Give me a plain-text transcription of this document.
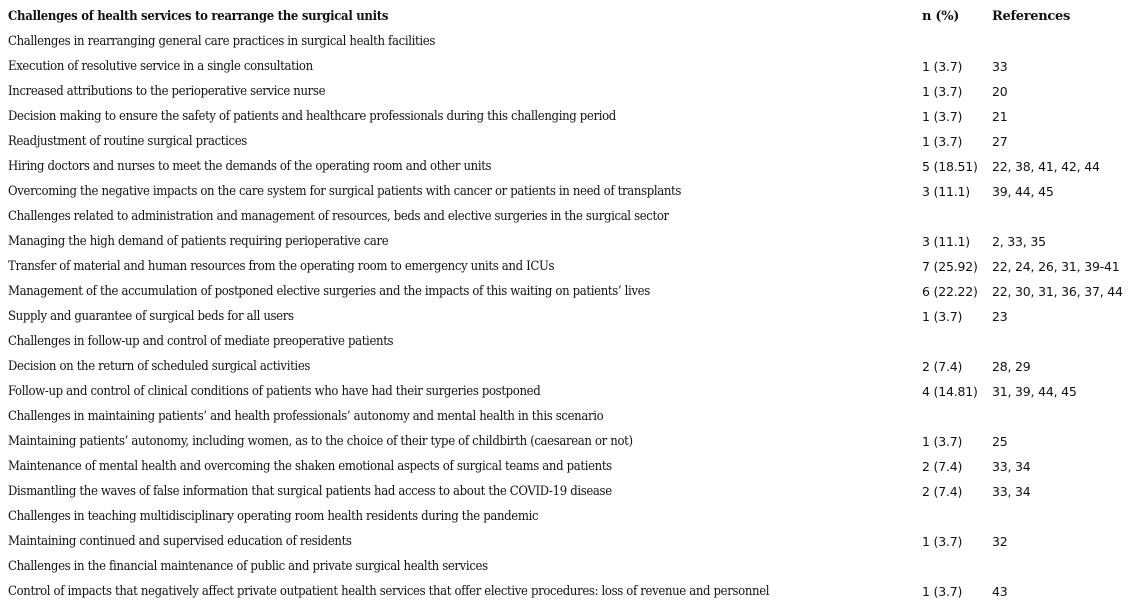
Challenges of health services to rearrange the surgical units	n (%)	References
Challenges in rearranging general care practices in surgical health facilities		
Execution of resolutive service in a single consultation	1 (3.7)	33
Increased attributions to the perioperative service nurse	1 (3.7)	20
Decision making to ensure the safety of patients and healthcare professionals during this challenging period	1 (3.7)	21
Readjustment of routine surgical practices	1 (3.7)	27
Hiring doctors and nurses to meet the demands of the operating room and other units	5 (18.51)	22, 38, 41, 42, 44
Overcoming the negative impacts on the care system for surgical patients with cancer or patients in need of transplants	3 (11.1)	39, 44, 45
Challenges related to administration and management of resources, beds and elective surgeries in the surgical sector		
Managing the high demand of patients requiring perioperative care	3 (11.1)	2, 33, 35
Transfer of material and human resources from the operating room to emergency units and ICUs	7 (25.92)	22, 24, 26, 31, 39-41
Management of the accumulation of postponed elective surgeries and the impacts of this waiting on patients’ lives	6 (22.22)	22, 30, 31, 36, 37, 44
Supply and guarantee of surgical beds for all users	1 (3.7)	23
Challenges in follow-up and control of mediate preoperative patients		
Decision on the return of scheduled surgical activities	2 (7.4)	28, 29
Follow-up and control of clinical conditions of patients who have had their surgeries postponed	4 (14.81)	31, 39, 44, 45
Challenges in maintaining patients’ and health professionals’ autonomy and mental health in this scenario		
Maintaining patients’ autonomy, including women, as to the choice of their type of childbirth (caesarean or not)	1 (3.7)	25
Maintenance of mental health and overcoming the shaken emotional aspects of surgical teams and patients	2 (7.4)	33, 34
Dismantling the waves of false information that surgical patients had access to about the COVID-19 disease	2 (7.4)	33, 34
Challenges in teaching multidisciplinary operating room health residents during the pandemic		
Maintaining continued and supervised education of residents	1 (3.7)	32
Challenges in the financial maintenance of public and private surgical health services		
Control of impacts that negatively affect private outpatient health services that offer elective procedures: loss of revenue and personnel	1 (3.7)	43
